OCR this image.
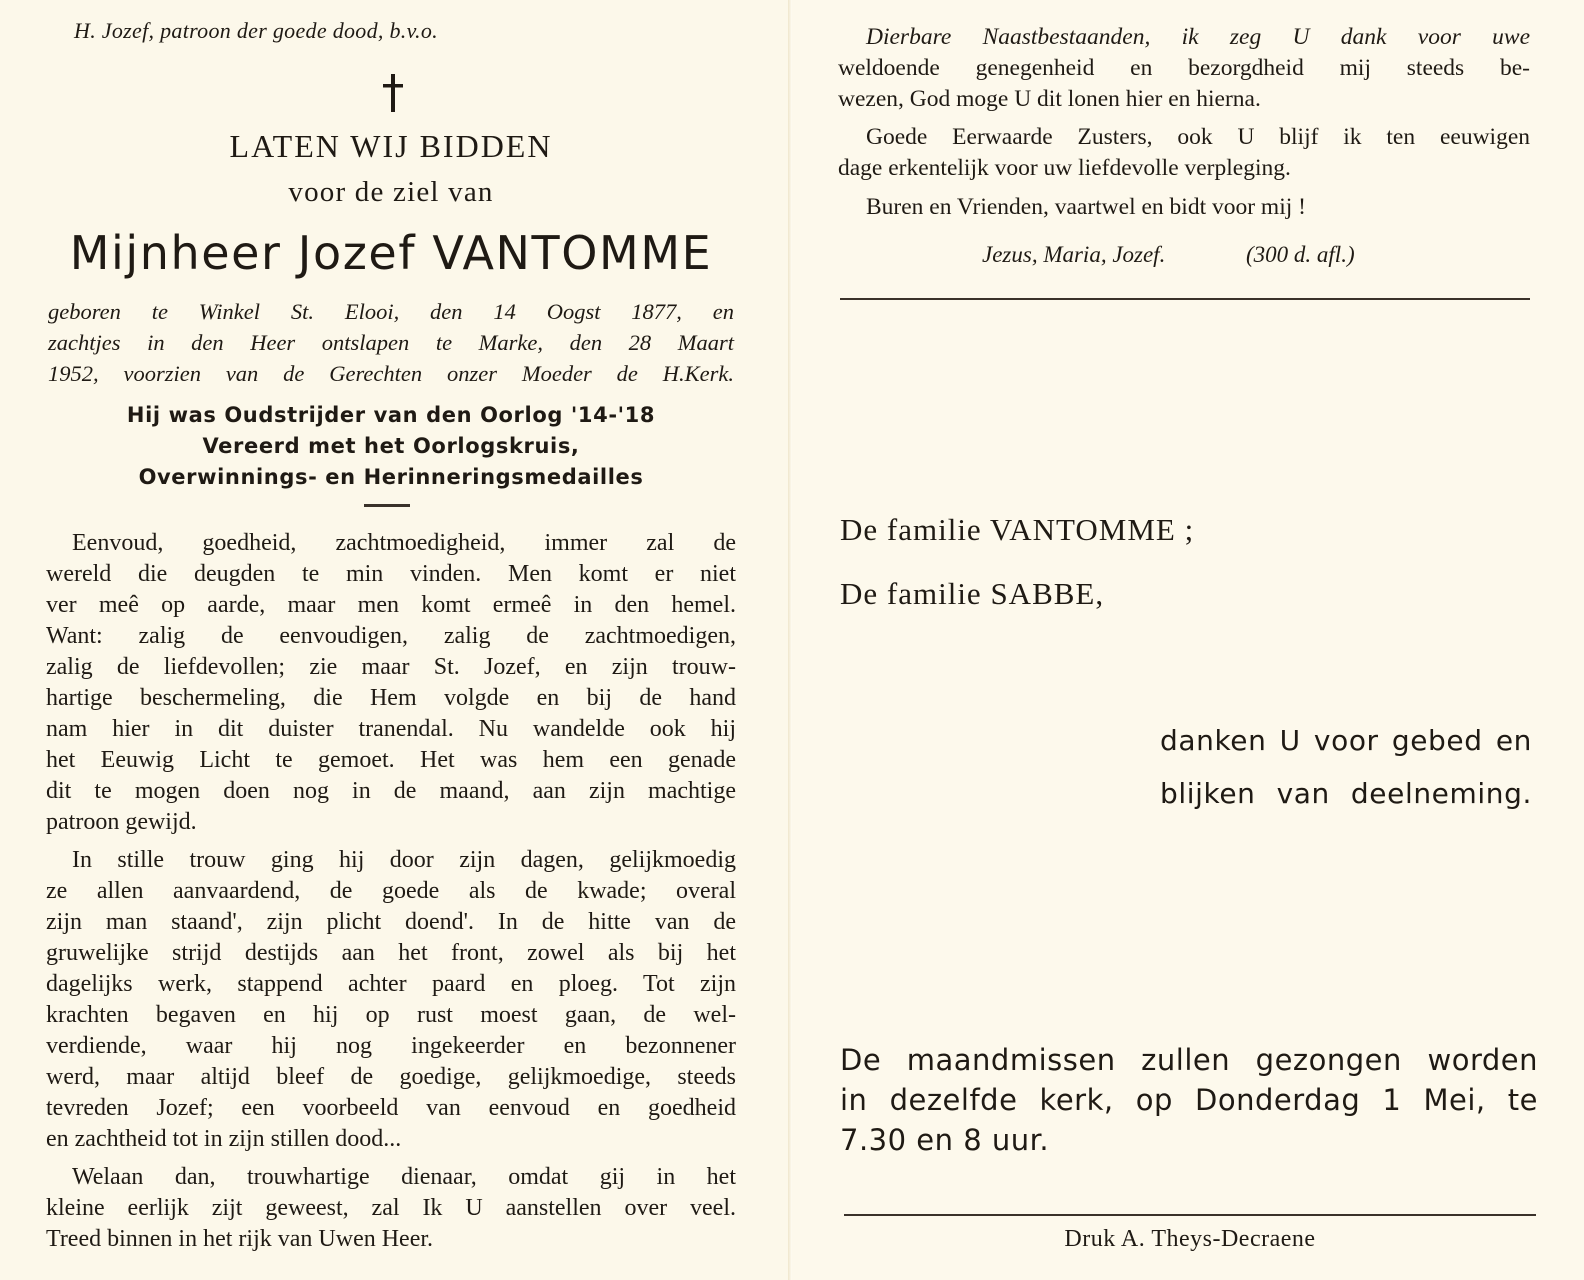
H. Jozef, patroon der goede dood, b.v.o.

LATEN WIJ BIDDEN

voor de ziel van

Mijnheer Jozef VANTOMME

geboren te Winkel St. Elooi, den 14 Oogst 1877, en

zachtjes in den Heer ontslapen te Marke, den 28 Maart

1952, voorzien van de Gerechten onzer Moeder de H.Kerk.

Hij was Oudstrijder van den Oorlog '14-'18

Vereerd met het Oorlogskruis,

Overwinnings- en Herinneringsmedailles

Eenvoud, goedheid, zachtmoedigheid, immer zal de

wereld die deugden te min vinden. Men komt er niet

ver meê op aarde, maar men komt ermeê in den hemel.

Want: zalig de eenvoudigen, zalig de zachtmoedigen,

zalig de liefdevollen; zie maar St. Jozef, en zijn trouw-

hartige beschermeling, die Hem volgde en bij de hand

nam hier in dit duister tranendal. Nu wandelde ook hij

het Eeuwig Licht te gemoet. Het was hem een genade

dit te mogen doen nog in de maand, aan zijn machtige

patroon gewijd.

In stille trouw ging hij door zijn dagen, gelijkmoedig

ze allen aanvaardend, de goede als de kwade; overal

zijn man staand', zijn plicht doend'. In de hitte van de

gruwelijke strijd destijds aan het front, zowel als bij het

dagelijks werk, stappend achter paard en ploeg. Tot zijn

krachten begaven en hij op rust moest gaan, de wel-

verdiende, waar hij nog ingekeerder en bezonnener

werd, maar altijd bleef de goedige, gelijkmoedige, steeds

tevreden Jozef; een voorbeeld van eenvoud en goedheid

en zachtheid tot in zijn stillen dood...

Welaan dan, trouwhartige dienaar, omdat gij in het

kleine eerlijk zijt geweest, zal Ik U aanstellen over veel.

Treed binnen in het rijk van Uwen Heer.

Dierbare Naastbestaanden, ik zeg U dank voor uwe

weldoende genegenheid en bezorgdheid mij steeds be-

wezen, God moge U dit lonen hier en hierna.

Goede Eerwaarde Zusters, ook U blijf ik ten eeuwigen

dage erkentelijk voor uw liefdevolle verpleging.

Buren en Vrienden, vaartwel en bidt voor mij !

Jezus, Maria, Jozef.	(300 d. afl.)

De familie VANTOMME ;

De familie SABBE,

danken U voor gebed en

blijken van deelneming.

De maandmissen zullen gezongen worden

in dezelfde kerk, op Donderdag 1 Mei, te

7.30 en 8 uur.

Druk A. Theys-Decraene
